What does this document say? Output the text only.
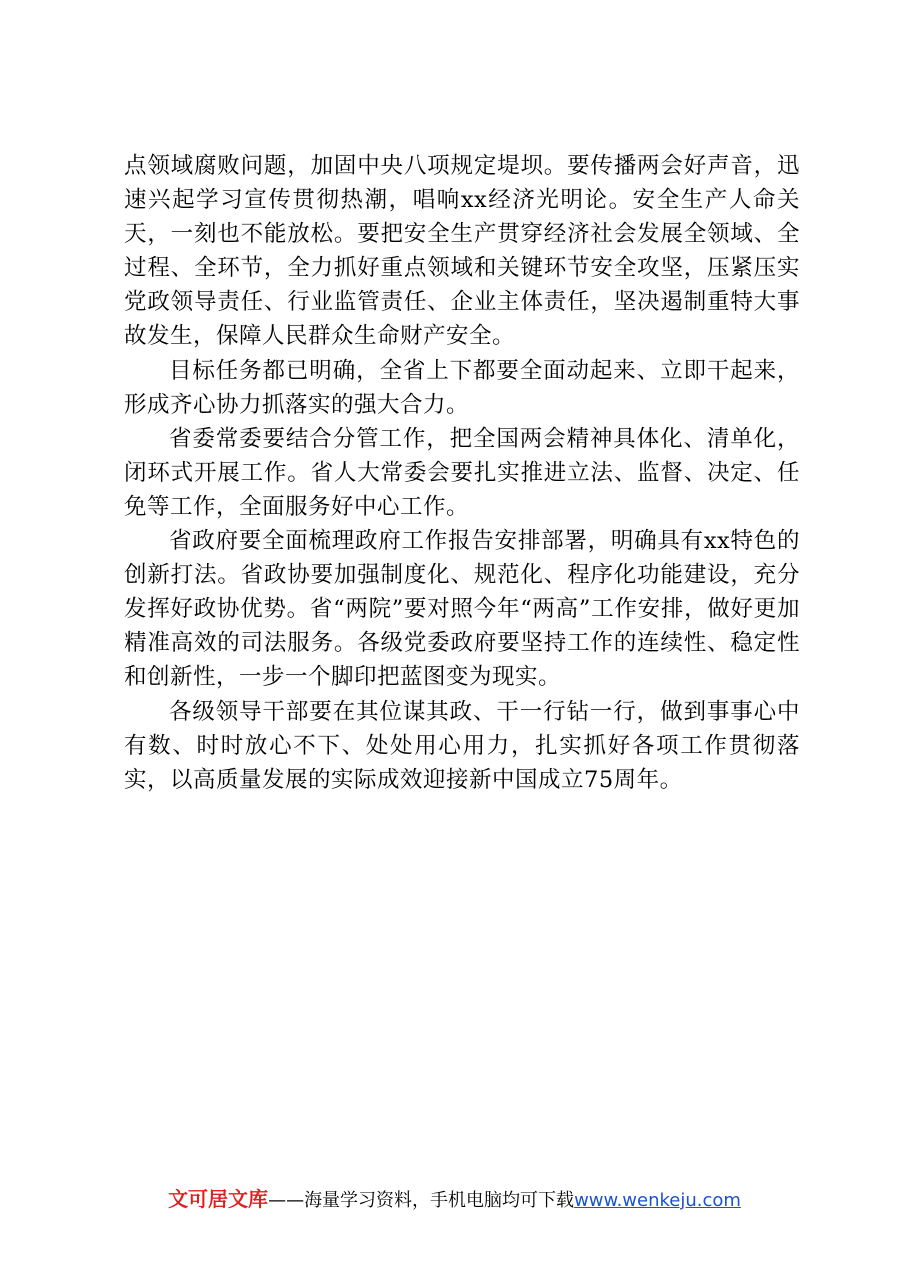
点领域腐败问题，加固中央八项规定堤坝。要传播两会好声音，迅速兴起学习宣传贯彻热潮，唱响xx经济光明论。安全生产人命关天，一刻也不能放松。要把安全生产贯穿经济社会发展全领域、全过程、全环节，全力抓好重点领域和关键环节安全攻坚，压紧压实党政领导责任、行业监管责任、企业主体责任，坚决遏制重特大事故发生，保障人民群众生命财产安全。

目标任务都已明确，全省上下都要全面动起来、立即干起来，形成齐心协力抓落实的强大合力。

省委常委要结合分管工作，把全国两会精神具体化、清单化，闭环式开展工作。省人大常委会要扎实推进立法、监督、决定、任免等工作，全面服务好中心工作。

省政府要全面梳理政府工作报告安排部署，明确具有xx特色的创新打法。省政协要加强制度化、规范化、程序化功能建设，充分发挥好政协优势。省“两院”要对照今年“两高”工作安排，做好更加精准高效的司法服务。各级党委政府要坚持工作的连续性、稳定性和创新性，一步一个脚印把蓝图变为现实。

各级领导干部要在其位谋其政、干一行钻一行，做到事事心中有数、时时放心不下、处处用心用力，扎实抓好各项工作贯彻落实，以高质量发展的实际成效迎接新中国成立75周年。

文可居文库——海量学习资料，手机电脑均可下载www.wenkeju.com
